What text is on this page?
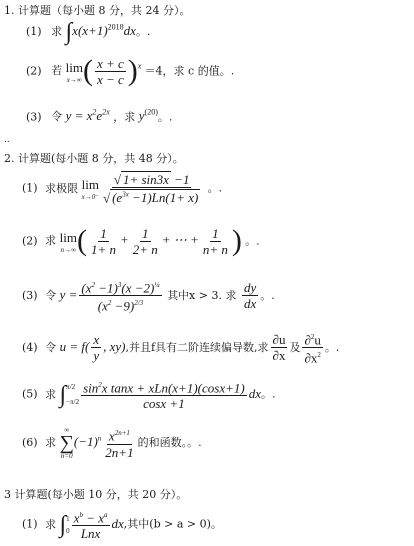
1. 计算题（每小题 8 分，共 24 分）。
(1) 求 $\int x(x+1)^{2018}dx$。.
(2) 若 lim
x→∞ ( $\frac{x + c}{x - c} )^x =4$，求 c 的值。.
(3) 令 $y = x^2e^{2x}$ ，求 $y^{(20)}$。.
..
2. 计算题(每小题 8 分，共 48 分）。
(1) 求极限 lim
$x\to 0^- \frac{√ 1+ \sin 3x -1}{√ (e^{3x} -1)Ln(1+ x)}$ 。.
(2) 求 lim
n→∞ ( $\frac{1}{1+ n} + \frac{1}{2+ n}$ + ⋯ + $\frac{1}{n+ n}$ ) 。.
(3) 令 $y = \frac{(x^2 -1)^3(x -2)^{\frac{1}{4}}}{(x^2 -9)^{2/3}}$ 其中x > 3. 求 $\frac{dy}{dx}$ 。.
(4) 令 $u = f( \frac{x}{y}$ , xy),并且f具有二阶连续偏导数,求 $\frac{\partial u}{\partial x}$ 及 $\frac{\partial^2u}{\partial x^2}$ 。.
(5) 求 ∫ π/2
$-\pi/2 \frac{\sin^2x \tan x + xLn(x+1)(\cos x+1)}{\cos x +1}$ dx。.
(6) 求
∞
∑
n=0
$(-1)^n \frac{x^{2n+1}}{2n+1}$ 的和函数。。.
3 计算题(每小题 10 分，共 20 分）。
(1) 求 ∫ 1
$0 \frac{x^b - x^a}{\text{Lnx}}$ dx,其中(b > a > 0)。
